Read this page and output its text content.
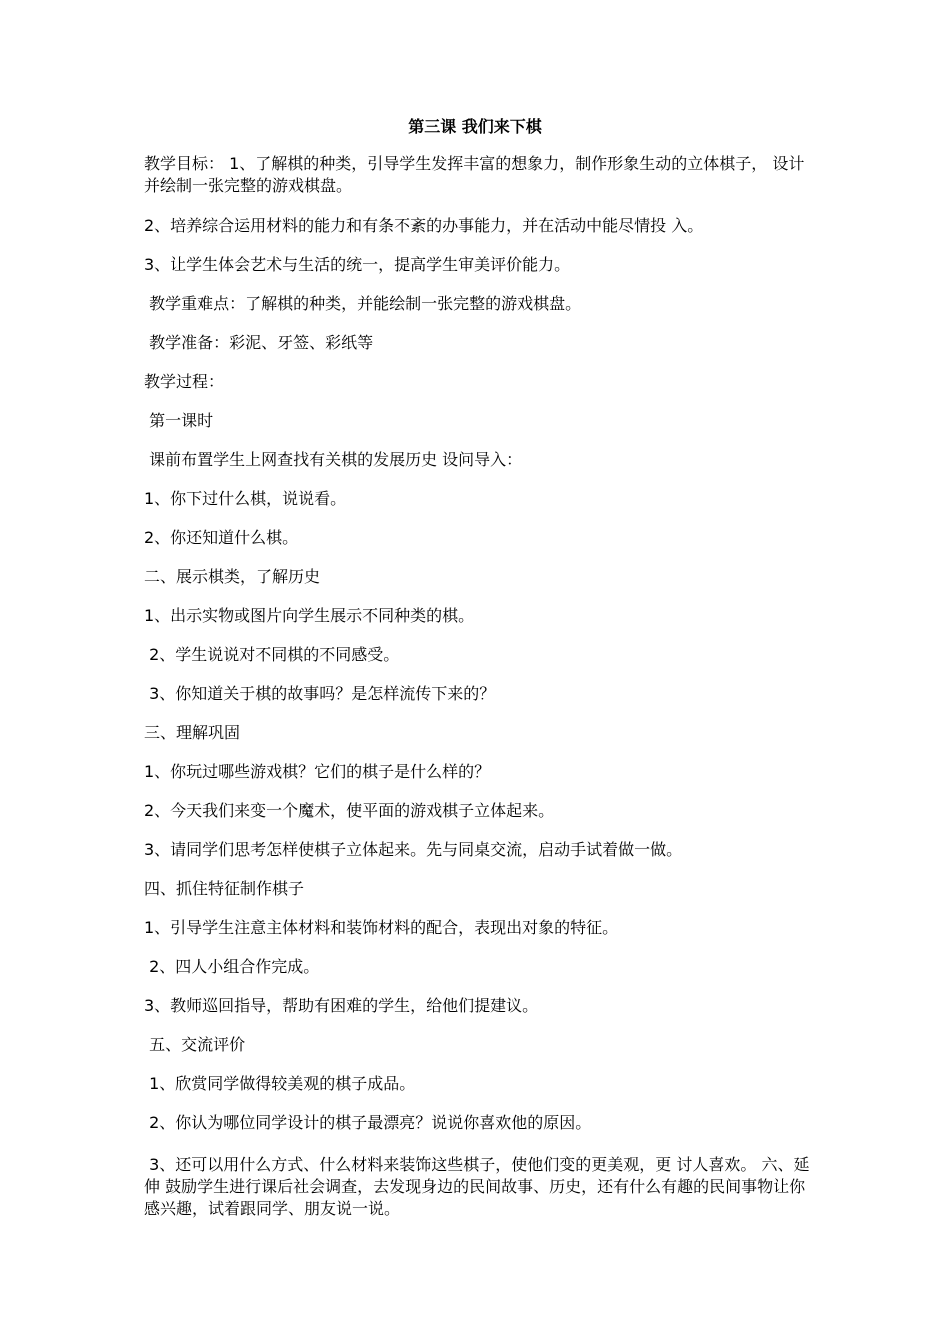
第三课 我们来下棋
教学目标： 1、了解棋的种类，引导学生发挥丰富的想象力，制作形象生动的立体棋子， 设计并绘制一张完整的游戏棋盘。
2、培养综合运用材料的能力和有条不紊的办事能力，并在活动中能尽情投 入。
3、让学生体会艺术与生活的统一，提高学生审美评价能力。
教学重难点：了解棋的种类，并能绘制一张完整的游戏棋盘。
教学准备：彩泥、牙签、彩纸等
教学过程：
第一课时
课前布置学生上网查找有关棋的发展历史 设问导入：
1、你下过什么棋，说说看。
2、你还知道什么棋。
二、展示棋类，了解历史
1、出示实物或图片向学生展示不同种类的棋。
2、学生说说对不同棋的不同感受。
3、你知道关于棋的故事吗？是怎样流传下来的？
三、理解巩固
1、你玩过哪些游戏棋？它们的棋子是什么样的？
2、今天我们来变一个魔术，使平面的游戏棋子立体起来。
3、请同学们思考怎样使棋子立体起来。先与同桌交流，启动手试着做一做。
四、抓住特征制作棋子
1、引导学生注意主体材料和装饰材料的配合，表现出对象的特征。
2、四人小组合作完成。
3、教师巡回指导，帮助有困难的学生，给他们提建议。
五、交流评价
1、欣赏同学做得较美观的棋子成品。
2、你认为哪位同学设计的棋子最漂亮？说说你喜欢他的原因。
3、还可以用什么方式、什么材料来装饰这些棋子，使他们变的更美观，更 讨人喜欢。 六、延伸 鼓励学生进行课后社会调查，去发现身边的民间故事、历史，还有什么有趣的民间事物让你感兴趣，试着跟同学、朋友说一说。
